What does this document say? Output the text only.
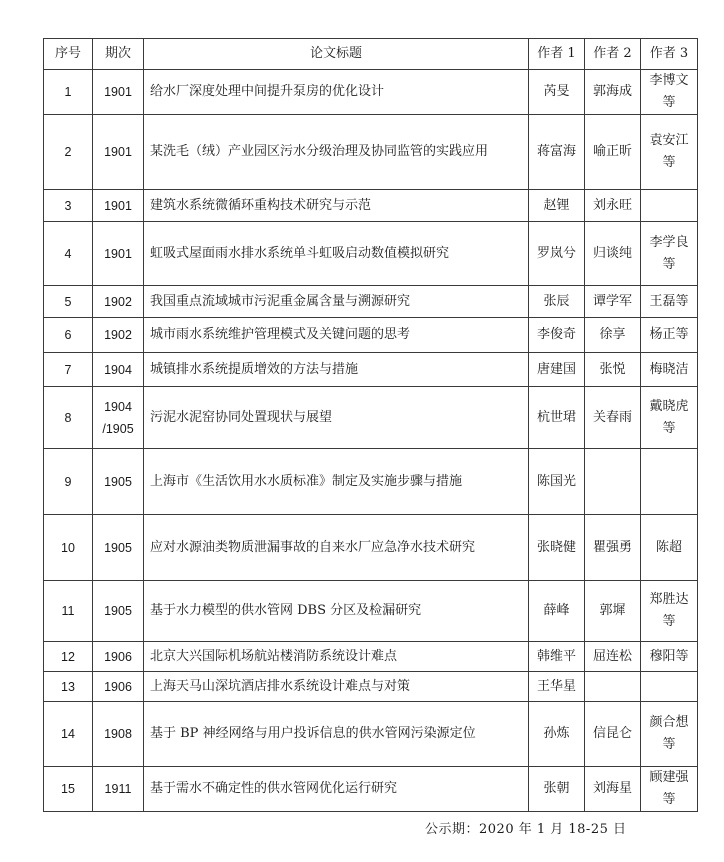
序号	期次	论文标题	作者 1	作者 2	作者 3
1	1901	给水厂深度处理中间提升泵房的优化设计	芮旻	郭海成	李博文等
2	1901	某洗毛（绒）产业园区污水分级治理及协同监管的实践应用	蒋富海	喻正昕	袁安江等
3	1901	建筑水系统微循环重构技术研究与示范	赵锂	刘永旺	
4	1901	虹吸式屋面雨水排水系统单斗虹吸启动数值模拟研究	罗岚兮	归谈纯	李学良等
5	1902	我国重点流域城市污泥重金属含量与溯源研究	张辰	谭学军	王磊等
6	1902	城市雨水系统维护管理模式及关键问题的思考	李俊奇	徐享	杨正等
7	1904	城镇排水系统提质增效的方法与措施	唐建国	张悦	梅晓洁
8	1904 /1905	污泥水泥窑协同处置现状与展望	杭世珺	关春雨	戴晓虎等
9	1905	上海市《生活饮用水水质标准》制定及实施步骤与措施	陈国光		
10	1905	应对水源油类物质泄漏事故的自来水厂应急净水技术研究	张晓健	瞿强勇	陈超
11	1905	基于水力模型的供水管网 DBS 分区及检漏研究	薛峰	郭墀	郑胜达等
12	1906	北京大兴国际机场航站楼消防系统设计难点	韩维平	屈连松	穆阳等
13	1906	上海天马山深坑酒店排水系统设计难点与对策	王华星		
14	1908	基于 BP 神经网络与用户投诉信息的供水管网污染源定位	孙炼	信昆仑	颜合想等
15	1911	基于需水不确定性的供水管网优化运行研究	张朝	刘海星	顾建强等
公示期：2020 年 1 月 18-25 日
